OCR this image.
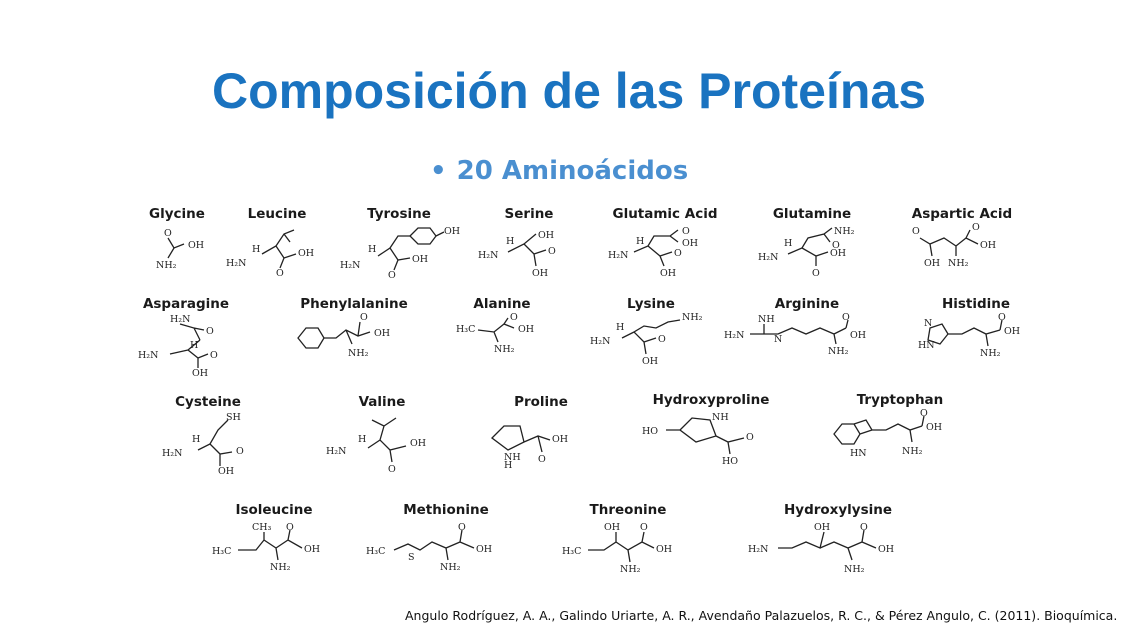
Composición de las Proteínas
• 20 Aminoácidos
Glycine
O
OH
NH₂
Leucine
H
H₂N
OH
O
Tyrosine
H
H₂N
OH
OH
O
Serine
OH
H
H₂N	O
OH
Glutamic Acid
O
OH
H
H₂N	O
OH
Glutamine
NH₂
O
H
H₂N	OH
O
Aspartic Acid
O	O
OH
OH NH₂
Asparagine
H₂N
O
H
H₂N	O
OH
Phenylalanine
O
OH
NH₂
Alanine
H₃C
O
OH
NH₂
Lysine
NH₂
H
H₂N	O
OH
Arginine
NH
H₂N	N
O
OH
NH₂
Histidine
N
HN
O
OH
NH₂
Cysteine
SH
H
H₂N	O
OH
Valine
H
H₂N
OH
O
Proline
NH
H
OH
O
Hydroxyproline
HO
NH
O
HO
Tryptophan
HN
O
OH
NH₂
Isoleucine
CH₃
H₃C
O
OH
NH₂
Methionine
H₃C
S
O
OH
NH₂
Threonine
OH
H₃C
O
OH
NH₂
Hydroxylysine
H₂N
OH	O
OH
NH₂
Angulo Rodríguez, A. A., Galindo Uriarte, A. R., Avendaño Palazuelos, R. C., & Pérez Angulo, C. (2011). Bioquímica.
